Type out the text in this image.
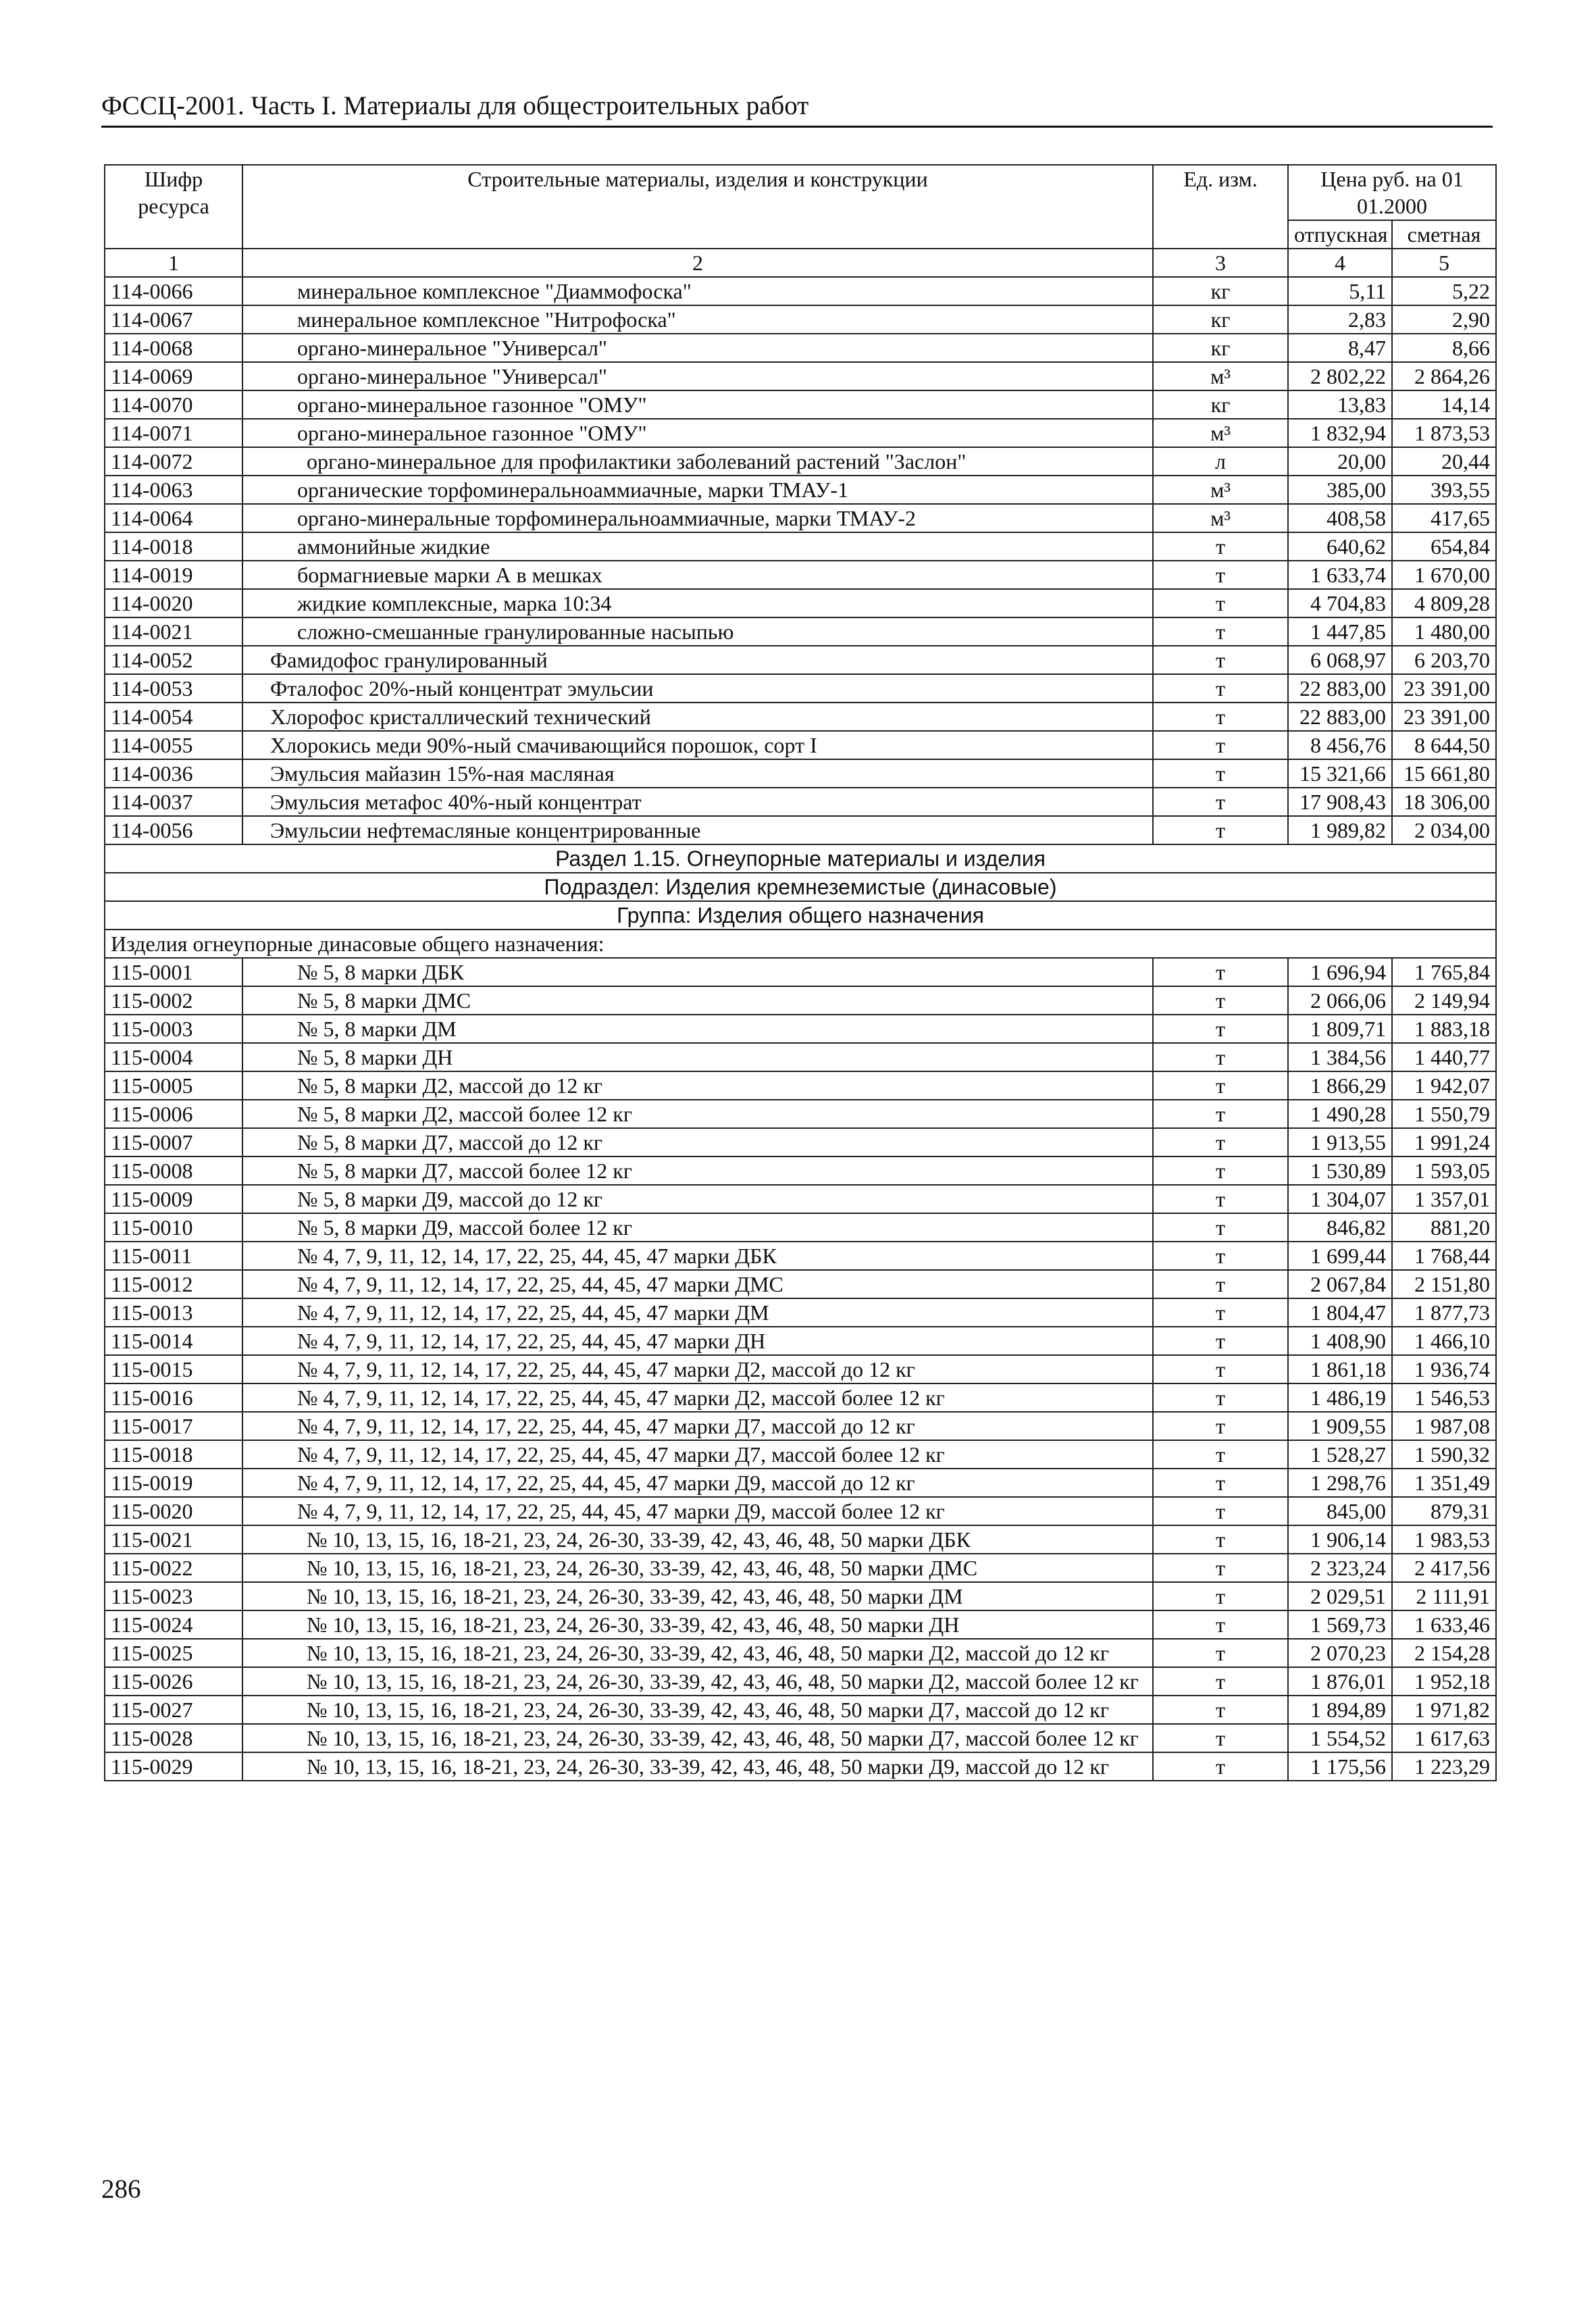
ФССЦ-2001. Часть I. Материалы для общестроительных работ
Шифр ресурса	Строительные материалы, изделия и конструкции	Ед. изм.	Цена руб. на 01 01.2000	
			отпускная	сметная
1	2	3	4	5
114-0066	минеральное комплексное "Диаммофоска"	кг	5,11	5,22
114-0067	минеральное комплексное "Нитрофоска"	кг	2,83	2,90
114-0068	органо-минеральное "Универсал"	кг	8,47	8,66
114-0069	органо-минеральное "Универсал"	м³	2 802,22	2 864,26
114-0070	органо-минеральное газонное "ОМУ"	кг	13,83	14,14
114-0071	органо-минеральное газонное "ОМУ"	м³	1 832,94	1 873,53
114-0072	органо-минеральное для профилактики заболеваний растений "Заслон"	л	20,00	20,44
114-0063	органические торфоминеральноаммиачные, марки ТМАУ-1	м³	385,00	393,55
114-0064	органо-минеральные торфоминеральноаммиачные, марки ТМАУ-2	м³	408,58	417,65
114-0018	аммонийные жидкие	т	640,62	654,84
114-0019	бормагниевые марки А в мешках	т	1 633,74	1 670,00
114-0020	жидкие комплексные, марка 10:34	т	4 704,83	4 809,28
114-0021	сложно-смешанные гранулированные насыпью	т	1 447,85	1 480,00
114-0052	Фамидофос гранулированный	т	6 068,97	6 203,70
114-0053	Фталофос 20%-ный концентрат эмульсии	т	22 883,00	23 391,00
114-0054	Хлорофос кристаллический технический	т	22 883,00	23 391,00
114-0055	Хлорокись меди 90%-ный смачивающийся порошок, сорт I	т	8 456,76	8 644,50
114-0036	Эмульсия майазин 15%-ная масляная	т	15 321,66	15 661,80
114-0037	Эмульсия метафос 40%-ный концентрат	т	17 908,43	18 306,00
114-0056	Эмульсии нефтемасляные концентрированные	т	1 989,82	2 034,00
Раздел 1.15. Огнеупорные материалы и изделия				
Подраздел: Изделия кремнеземистые (динасовые)				
Группа: Изделия общего назначения				
Изделия огнеупорные динасовые общего назначения:				
115-0001	№ 5, 8 марки ДБК	т	1 696,94	1 765,84
115-0002	№ 5, 8 марки ДМС	т	2 066,06	2 149,94
115-0003	№ 5, 8 марки ДМ	т	1 809,71	1 883,18
115-0004	№ 5, 8 марки ДН	т	1 384,56	1 440,77
115-0005	№ 5, 8 марки Д2, массой до 12 кг	т	1 866,29	1 942,07
115-0006	№ 5, 8 марки Д2, массой более 12 кг	т	1 490,28	1 550,79
115-0007	№ 5, 8 марки Д7, массой до 12 кг	т	1 913,55	1 991,24
115-0008	№ 5, 8 марки Д7, массой более 12 кг	т	1 530,89	1 593,05
115-0009	№ 5, 8 марки Д9, массой до 12 кг	т	1 304,07	1 357,01
115-0010	№ 5, 8 марки Д9, массой более 12 кг	т	846,82	881,20
115-0011	№ 4, 7, 9, 11, 12, 14, 17, 22, 25, 44, 45, 47 марки ДБК	т	1 699,44	1 768,44
115-0012	№ 4, 7, 9, 11, 12, 14, 17, 22, 25, 44, 45, 47 марки ДМС	т	2 067,84	2 151,80
115-0013	№ 4, 7, 9, 11, 12, 14, 17, 22, 25, 44, 45, 47 марки ДМ	т	1 804,47	1 877,73
115-0014	№ 4, 7, 9, 11, 12, 14, 17, 22, 25, 44, 45, 47 марки ДН	т	1 408,90	1 466,10
115-0015	№ 4, 7, 9, 11, 12, 14, 17, 22, 25, 44, 45, 47 марки Д2, массой до 12 кг	т	1 861,18	1 936,74
115-0016	№ 4, 7, 9, 11, 12, 14, 17, 22, 25, 44, 45, 47 марки Д2, массой более 12 кг	т	1 486,19	1 546,53
115-0017	№ 4, 7, 9, 11, 12, 14, 17, 22, 25, 44, 45, 47 марки Д7, массой до 12 кг	т	1 909,55	1 987,08
115-0018	№ 4, 7, 9, 11, 12, 14, 17, 22, 25, 44, 45, 47 марки Д7, массой более 12 кг	т	1 528,27	1 590,32
115-0019	№ 4, 7, 9, 11, 12, 14, 17, 22, 25, 44, 45, 47 марки Д9, массой до 12 кг	т	1 298,76	1 351,49
115-0020	№ 4, 7, 9, 11, 12, 14, 17, 22, 25, 44, 45, 47 марки Д9, массой более 12 кг	т	845,00	879,31
115-0021	№ 10, 13, 15, 16, 18-21, 23, 24, 26-30, 33-39, 42, 43, 46, 48, 50 марки ДБК	т	1 906,14	1 983,53
115-0022	№ 10, 13, 15, 16, 18-21, 23, 24, 26-30, 33-39, 42, 43, 46, 48, 50 марки ДМС	т	2 323,24	2 417,56
115-0023	№ 10, 13, 15, 16, 18-21, 23, 24, 26-30, 33-39, 42, 43, 46, 48, 50 марки ДМ	т	2 029,51	2 111,91
115-0024	№ 10, 13, 15, 16, 18-21, 23, 24, 26-30, 33-39, 42, 43, 46, 48, 50 марки ДН	т	1 569,73	1 633,46
115-0025	№ 10, 13, 15, 16, 18-21, 23, 24, 26-30, 33-39, 42, 43, 46, 48, 50 марки Д2, массой до 12 кг	т	2 070,23	2 154,28
115-0026	№ 10, 13, 15, 16, 18-21, 23, 24, 26-30, 33-39, 42, 43, 46, 48, 50 марки Д2, массой более 12 кг	т	1 876,01	1 952,18
115-0027	№ 10, 13, 15, 16, 18-21, 23, 24, 26-30, 33-39, 42, 43, 46, 48, 50 марки Д7, массой до 12 кг	т	1 894,89	1 971,82
115-0028	№ 10, 13, 15, 16, 18-21, 23, 24, 26-30, 33-39, 42, 43, 46, 48, 50 марки Д7, массой более 12 кг	т	1 554,52	1 617,63
115-0029	№ 10, 13, 15, 16, 18-21, 23, 24, 26-30, 33-39, 42, 43, 46, 48, 50 марки Д9, массой до 12 кг	т	1 175,56	1 223,29
286
